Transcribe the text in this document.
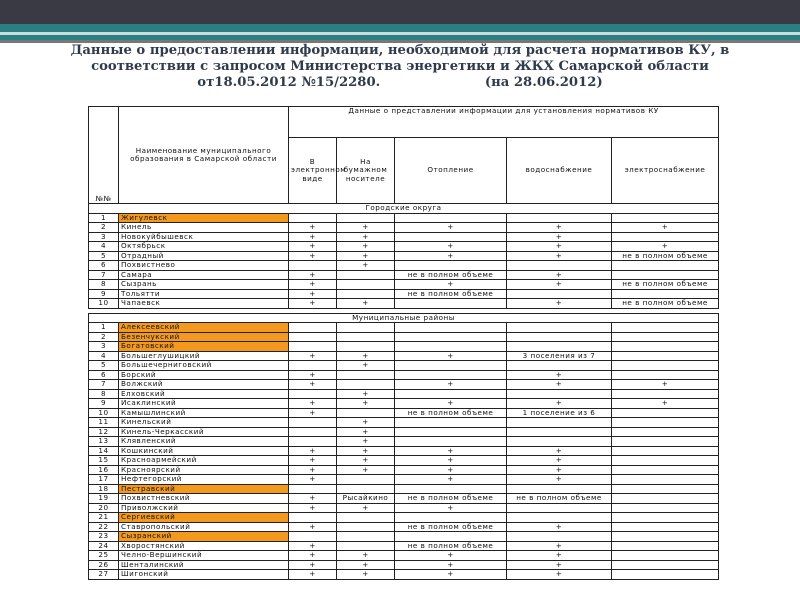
Данные о предоставлении информации, необходимой для расчета нормативов КУ, в
соответствии с запросом Министерства энергетики и ЖКХ Самарской области
от18.05.2012 №15/2280.	(на 28.06.2012)
№№	Наименование муниципального образования в Самарской области	Данные о представлении информации для установления нормативов КУ				
		В электронном виде	На бумажном носителе	Отопление	водоснабжение	электроснабжение
Городские округа						
1	Жигулевск					
2	Кинель	+	+	+	+	+
3	Новокуйбышевск	+	+		+	
4	Октябрьск	+	+	+	+	+
5	Отрадный	+	+	+	+	не в полном объеме
6	Похвистнево		+			
7	Самара	+		не в полном объеме	+	
8	Сызрань	+		+	+	не в полном объеме
9	Тольятти	+		не в полном объеме		
10	Чапаевск	+	+		+	не в полном объеме

Муниципальные районы						
1	Алексеевский					
2	Безенчукский					
3	Богатовский					
4	Большеглушицкий	+	+	+	3 поселения из 7	
5	Большечерниговский		+			
6	Борский	+			+	
7	Волжский	+		+	+	+
8	Елховский		+			
9	Исаклинский	+	+	+	+	+
10	Камышлинский	+		не в полном объеме	1 поселение из 6	
11	Кинельский		+			
12	Кинель-Черкасский		+			
13	Клявленский		+			
14	Кошкинский	+	+	+	+	
15	Красноармейский	+	+	+	+	
16	Красноярский	+	+	+	+	
17	Нефтегорский	+		+	+	
18	Пестравский					
19	Похвистневский	+	Рысайкино	не в полном объеме	не в полном объеме	
20	Приволжский	+	+	+		
21	Сергиевский					
22	Ставропольский	+		не в полном объеме	+	
23	Сызранский					
24	Хворостянский	+		не в полном объеме	+	
25	Челно-Вершинский	+	+	+	+	
26	Шенталинский	+	+	+	+	
27	Шигонский	+	+	+	+	
